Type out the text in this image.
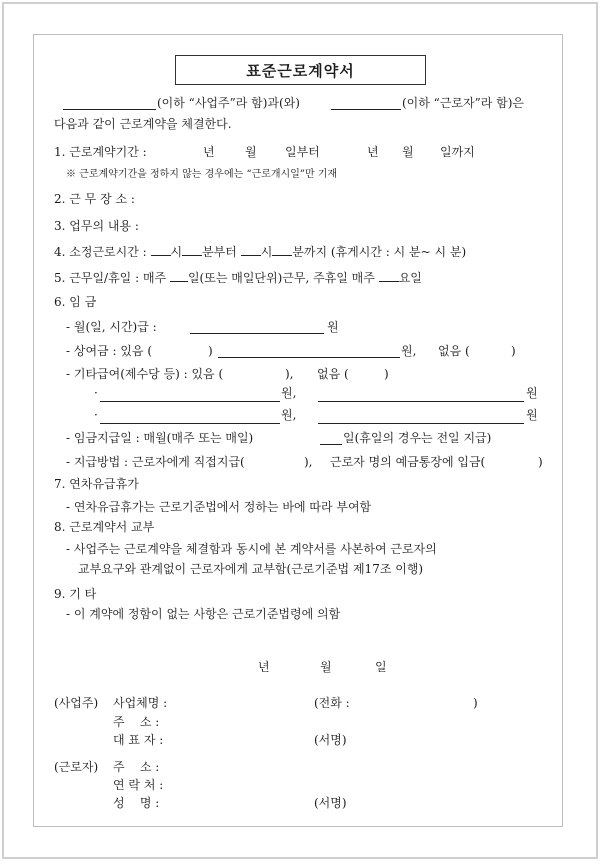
표준근로계약서
(이하 “사업주”라 함)과(와)	(이하 “근로자”라 함)은
다음과 같이 근로계약을 체결한다.
1. 근로계약기간 :	년	월 일부터	년 월 일까지
※ 근로계약기간을 정하지 않는 경우에는 “근로개시일”만 기재
2. 근 무 장 소 :
3. 업무의 내용 :
4. 소정근로시간 : 시 분부터 시 분까지 (휴게시간 : 시 분~ 시 분)
5. 근무일/휴일 : 매주 일(또는 매일단위)근무, 주휴일 매주 요일
6. 임 금
- 월(일, 시간)급 :	원
- 상여금 : 있음 (	)	원, 없음 (	)
- 기타급여(제수당 등) : 있음 (	), 없음 (	)
·	원,	원
·	원,	원
- 임금지급일 : 매월(매주 또는 매일)	일(휴일의 경우는 전일 지급)
- 지급방법 : 근로자에게 직접지급(	), 근로자 명의 예금통장에 입금(	)
7. 연차유급휴가
- 연차유급휴가는 근로기준법에서 정하는 바에 따라 부여함
8. 근로계약서 교부
- 사업주는 근로계약을 체결함과 동시에 본 계약서를 사본하여 근로자의
교부요구와 관계없이 근로자에게 교부함(근로기준법 제17조 이행)
9. 기 타
- 이 계약에 정함이 없는 사항은 근로기준법령에 의함
년	월	일
(사업주) 사업체명 :	(전화 :	)
주    소 :
대 표 자 :	(서명)
(근로자) 주    소 :
연 락 처 :
성    명 :	(서명)
